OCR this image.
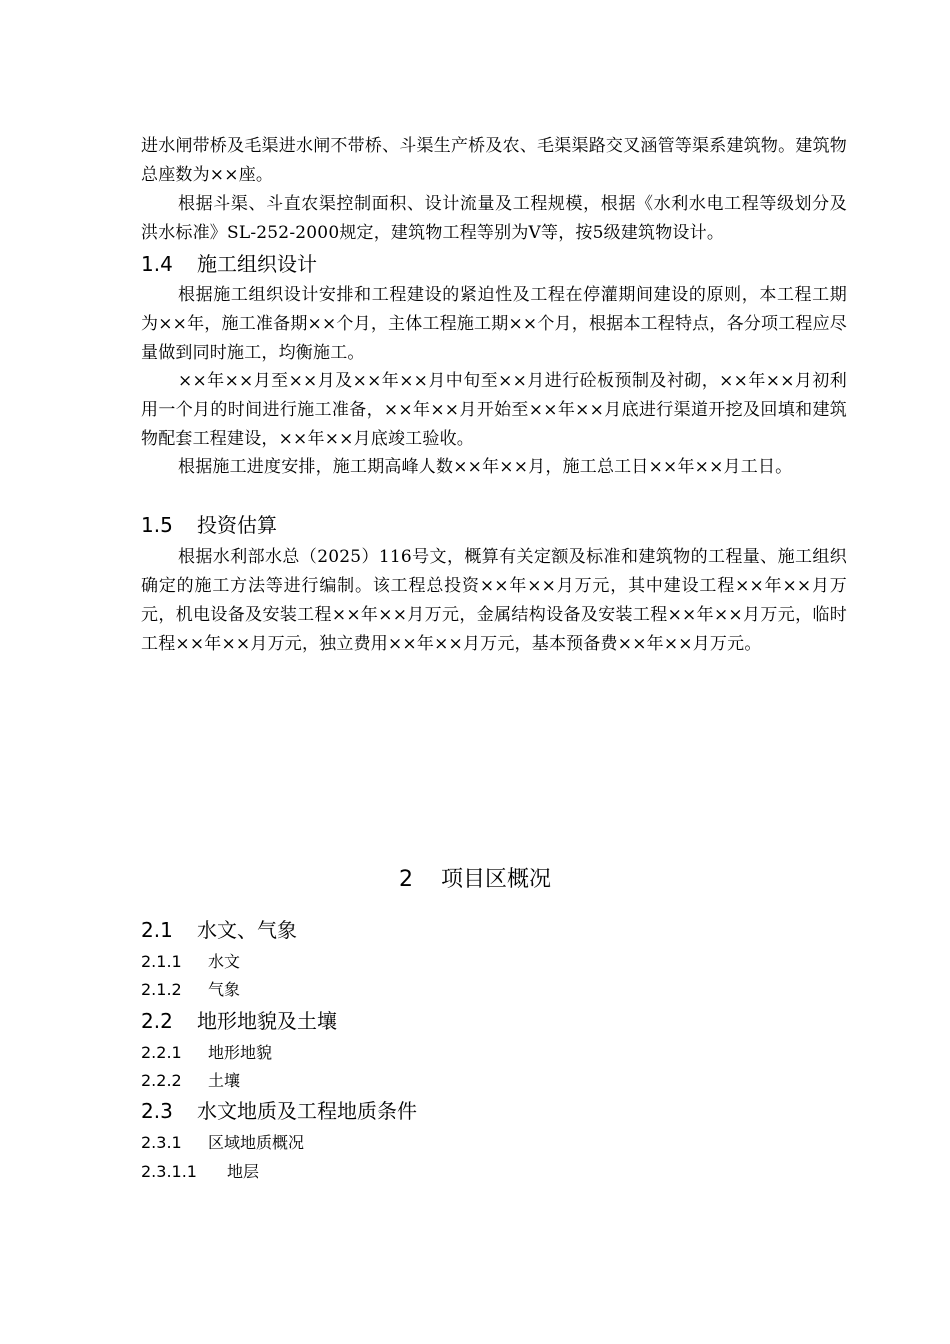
进水闸带桥及毛渠进水闸不带桥、斗渠生产桥及农、毛渠渠路交叉涵管等渠系建筑物。建筑物总座数为××座。
根据斗渠、斗直农渠控制面积、设计流量及工程规模，根据《水利水电工程等级划分及洪水标准》SL-252-2000规定，建筑物工程等别为Ⅴ等，按5级建筑物设计。
1.4 施工组织设计
根据施工组织设计安排和工程建设的紧迫性及工程在停灌期间建设的原则，本工程工期为××年，施工准备期××个月，主体工程施工期××个月，根据本工程特点，各分项工程应尽量做到同时施工，均衡施工。
××年××月至××月及××年××月中旬至××月进行砼板预制及衬砌，××年××月初利用一个月的时间进行施工准备，××年××月开始至××年××月底进行渠道开挖及回填和建筑物配套工程建设，××年××月底竣工验收。
根据施工进度安排，施工期高峰人数××年××月，施工总工日××年××月工日。
1.5 投资估算
根据水利部水总（2025）116号文，概算有关定额及标准和建筑物的工程量、施工组织确定的施工方法等进行编制。该工程总投资××年××月万元，其中建设工程××年××月万元，机电设备及安装工程××年××月万元，金属结构设备及安装工程××年××月万元，临时工程××年××月万元，独立费用××年××月万元，基本预备费××年××月万元。
2 项目区概况
2.1 水文、气象
2.1.1 水文
2.1.2 气象
2.2 地形地貌及土壤
2.2.1 地形地貌
2.2.2 土壤
2.3 水文地质及工程地质条件
2.3.1 区域地质概况
2.3.1.1 地层
